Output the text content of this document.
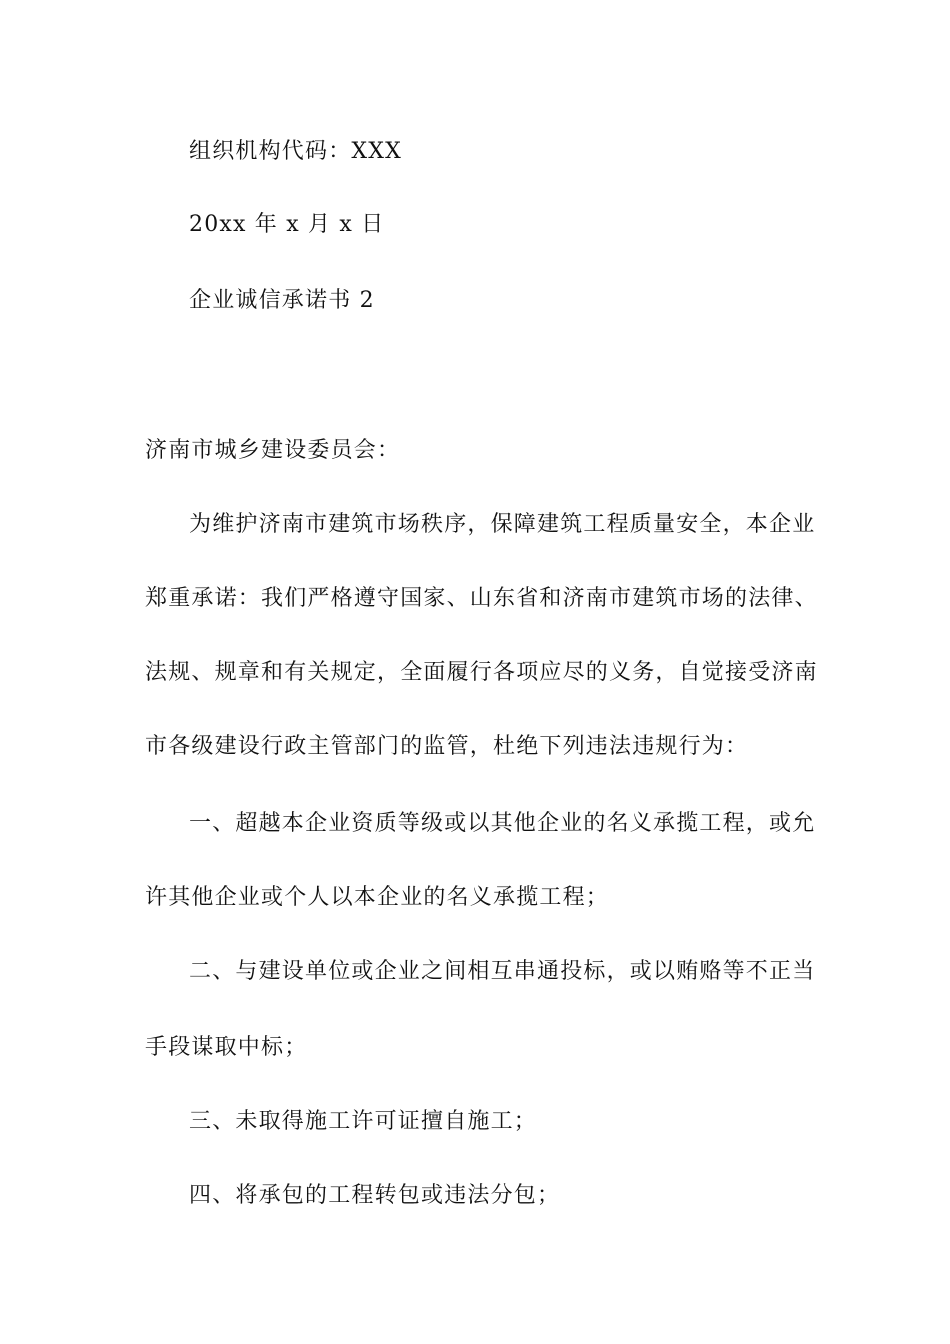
组织机构代码：XXX
20xx 年 x 月 x 日
企业诚信承诺书 2
济南市城乡建设委员会：
为维护济南市建筑市场秩序，保障建筑工程质量安全，本企业
郑重承诺：我们严格遵守国家、山东省和济南市建筑市场的法律、
法规、规章和有关规定，全面履行各项应尽的义务，自觉接受济南
市各级建设行政主管部门的监管，杜绝下列违法违规行为：
一、超越本企业资质等级或以其他企业的名义承揽工程，或允
许其他企业或个人以本企业的名义承揽工程；
二、与建设单位或企业之间相互串通投标，或以贿赂等不正当
手段谋取中标；
三、未取得施工许可证擅自施工；
四、将承包的工程转包或违法分包；
